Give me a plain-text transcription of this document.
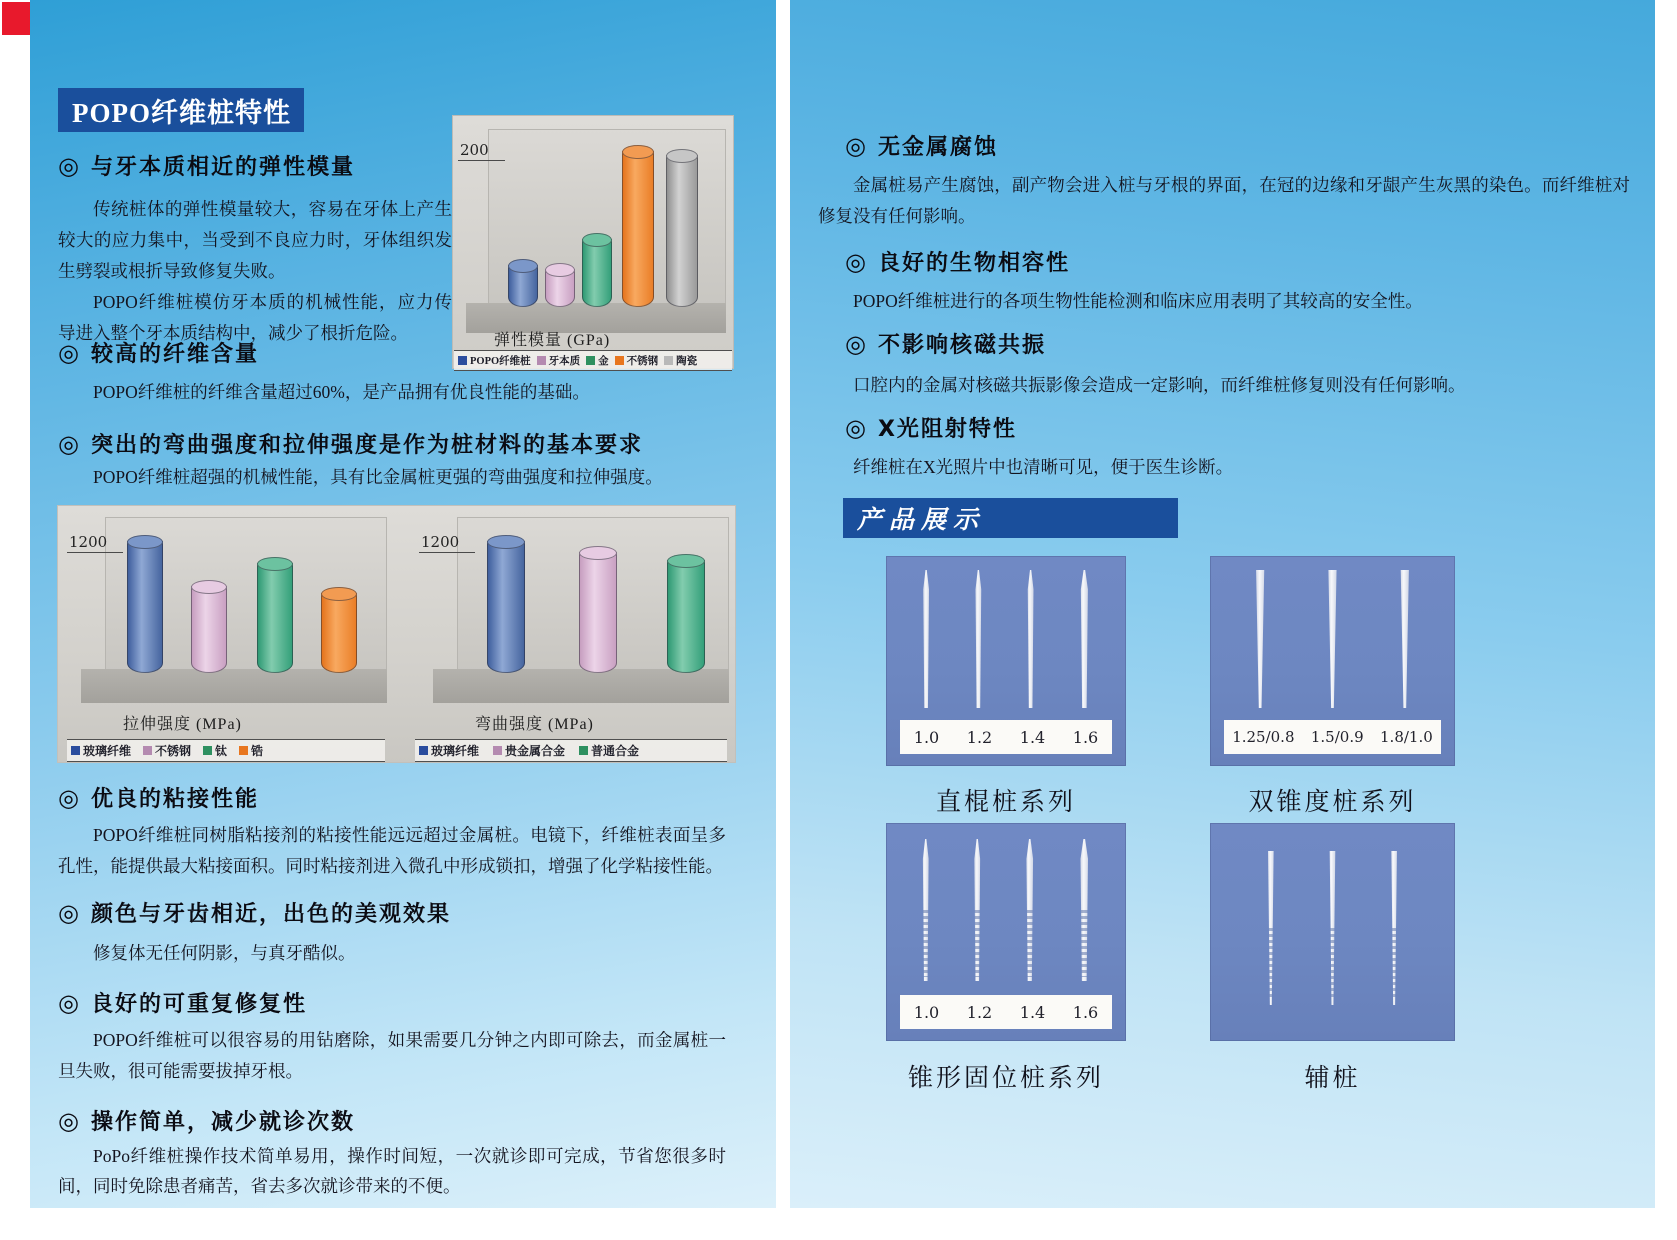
POPO纤维桩特性
◎ 与牙本质相近的弹性模量

传统桩体的弹性模量较大，容易在牙体上产生较大的应力集中，当受到不良应力时，牙体组织发生劈裂或根折导致修复失败。

POPO纤维桩模仿牙本质的机械性能，应力传导进入整个牙本质结构中，减少了根折危险。

200
弹性模量 (GPa)
POPO纤维桩 牙本质 金 不锈钢 陶瓷
◎ 较高的纤维含量

POPO纤维桩的纤维含量超过60%，是产品拥有优良性能的基础。

◎ 突出的弯曲强度和拉伸强度是作为桩材料的基本要求

POPO纤维桩超强的机械性能，具有比金属桩更强的弯曲强度和拉伸强度。

1200
拉伸强度 (MPa)
玻璃纤维 不锈钢 钛 锆
1200
弯曲强度 (MPa)
玻璃纤维 贵金属合金 普通合金
◎ 优良的粘接性能

POPO纤维桩同树脂粘接剂的粘接性能远远超过金属桩。电镜下，纤维桩表面呈多孔性，能提供最大粘接面积。同时粘接剂进入微孔中形成锁扣，增强了化学粘接性能。

◎ 颜色与牙齿相近，出色的美观效果

修复体无任何阴影，与真牙酷似。

◎ 良好的可重复修复性

POPO纤维桩可以很容易的用钻磨除，如果需要几分钟之内即可除去，而金属桩一旦失败，很可能需要拔掉牙根。

◎ 操作简单，减少就诊次数

PoPo纤维桩操作技术简单易用，操作时间短，一次就诊即可完成，节省您很多时间，同时免除患者痛苦，省去多次就诊带来的不便。

◎ 无金属腐蚀

金属桩易产生腐蚀，副产物会进入桩与牙根的界面，在冠的边缘和牙龈产生灰黑的染色。而纤维桩对修复没有任何影响。

◎ 良好的生物相容性

POPO纤维桩进行的各项生物性能检测和临床应用表明了其较高的安全性。

◎ 不影响核磁共振

口腔内的金属对核磁共振影像会造成一定影响，而纤维桩修复则没有任何影响。

◎ X光阻射特性

纤维桩在X光照片中也清晰可见，便于医生诊断。

产品展示
1.0 1.2 1.4 1.6	1.25/0.8 1.5/0.9 1.8/1.0
直棍桩系列	双锥度桩系列
1.0 1.2 1.4 1.6
锥形固位桩系列	辅桩
